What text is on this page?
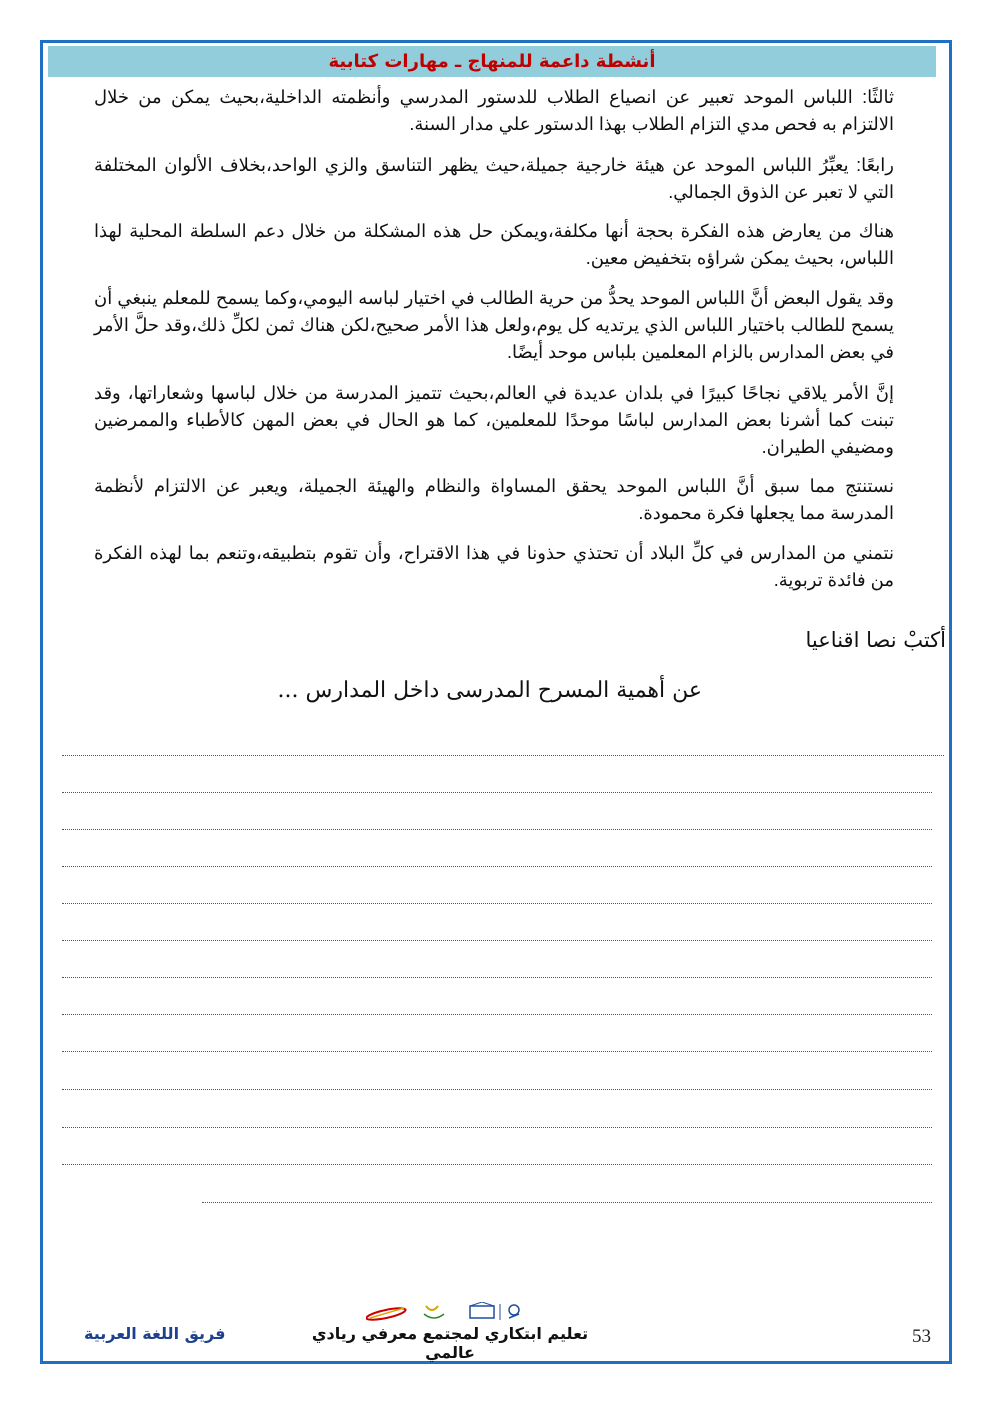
أنشطة داعمة للمنهاج ـ مهارات كتابية

ثالثًا: اللباس الموحد تعبير عن انصياع الطلاب للدستور المدرسي وأنظمته الداخلية،بحيث يمكن من خلال الالتزام به فحص مدي التزام الطلاب بهذا الدستور علي مدار السنة.

رابعًا: يعبِّرُ اللباس الموحد عن هيئة خارجية جميلة،حيث يظهر التناسق والزي الواحد،بخلاف الألوان المختلفة التي لا تعبر عن الذوق الجمالي.

هناك من يعارض هذه الفكرة بحجة أنها مكلفة،ويمكن حل هذه المشكلة من خلال دعم السلطة المحلية لهذا اللباس، بحيث يمكن شراؤه بتخفيض معين.

وقد يقول البعض أنَّ اللباس الموحد يحدُّ من حرية الطالب في اختيار لباسه اليومي،وكما يسمح للمعلم ينبغي أن يسمح للطالب باختيار اللباس الذي يرتديه كل يوم،ولعل هذا الأمر صحيح،لكن هناك ثمن لكلِّ ذلك،وقد حلَّ الأمر في بعض المدارس بالزام المعلمين بلباس موحد أيضًا.

إنَّ الأمر يلاقي نجاحًا كبيرًا في بلدان عديدة في العالم،بحيث تتميز المدرسة من خلال لباسها وشعاراتها، وقد تبنت كما أشرنا بعض المدارس لباسًا موحدًا للمعلمين، كما هو الحال في بعض المهن كالأطباء والممرضين ومضيفي الطيران.

نستنتج مما سبق أنَّ اللباس الموحد يحقق المساواة والنظام والهيئة الجميلة، ويعبر عن الالتزام لأنظمة المدرسة مما يجعلها فكرة محمودة.

نتمني من المدارس في كلِّ البلاد أن تحتذي حذونا في هذا الاقتراح، وأن تقوم بتطبيقه،وتنعم بما لهذه الفكرة من فائدة تربوية.

أكتبْ نصا اقناعيا
عن أهمية المسرح المدرسى داخل المدارس ...
53
تعليم ابتكاري لمجتمع معرفي ريادي عالمي
فريق اللغة العربية
